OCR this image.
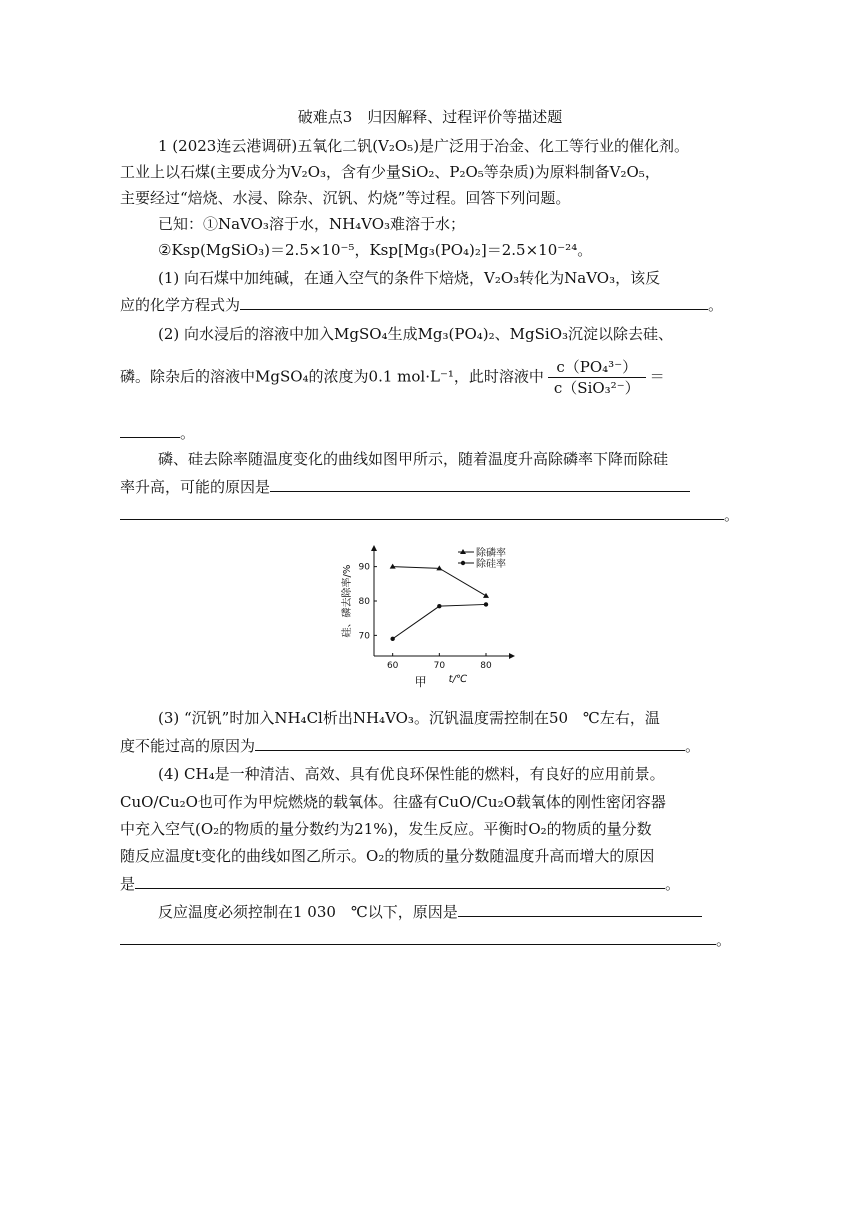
破难点3　归因解释、过程评价等描述题
1 (2023连云港调研)五氧化二钒(V₂O₅)是广泛用于冶金、化工等行业的催化剂。
工业上以石煤(主要成分为V₂O₃，含有少量SiO₂、P₂O₅等杂质)为原料制备V₂O₅，
主要经过“焙烧、水浸、除杂、沉钒、灼烧”等过程。回答下列问题。
已知：①NaVO₃溶于水，NH₄VO₃难溶于水；
②Ksp(MgSiO₃)＝2.5×10⁻⁵，Ksp[Mg₃(PO₄)₂]＝2.5×10⁻²⁴。
(1) 向石煤中加纯碱，在通入空气的条件下焙烧，V₂O₃转化为NaVO₃，该反
应的化学方程式为	。
(2) 向水浸后的溶液中加入MgSO₄生成Mg₃(PO₄)₂、MgSiO₃沉淀以除去硅、
磷。除杂后的溶液中MgSO₄的浓度为0.1 mol·L⁻¹，此时溶液中 $\frac{\text{c（PO₄³⁻）}}{\text{c（SiO₃²⁻）}}$ ＝
。
磷、硅去除率随温度变化的曲线如图甲所示，随着温度升高除磷率下降而除硅
率升高，可能的原因是
。
60	70	80
70
80
90
硅、磷去除率/%
t/℃
甲
除磷率
除硅率
(3) “沉钒”时加入NH₄Cl析出NH₄VO₃。沉钒温度需控制在50　℃左右，温
度不能过高的原因为	。
(4) CH₄是一种清洁、高效、具有优良环保性能的燃料，有良好的应用前景。
CuO/Cu₂O也可作为甲烷燃烧的载氧体。往盛有CuO/Cu₂O载氧体的刚性密闭容器
中充入空气(O₂的物质的量分数约为21%)，发生反应。平衡时O₂的物质的量分数
随反应温度t变化的曲线如图乙所示。O₂的物质的量分数随温度升高而增大的原因
是	。
反应温度必须控制在1 030　℃以下，原因是
。
